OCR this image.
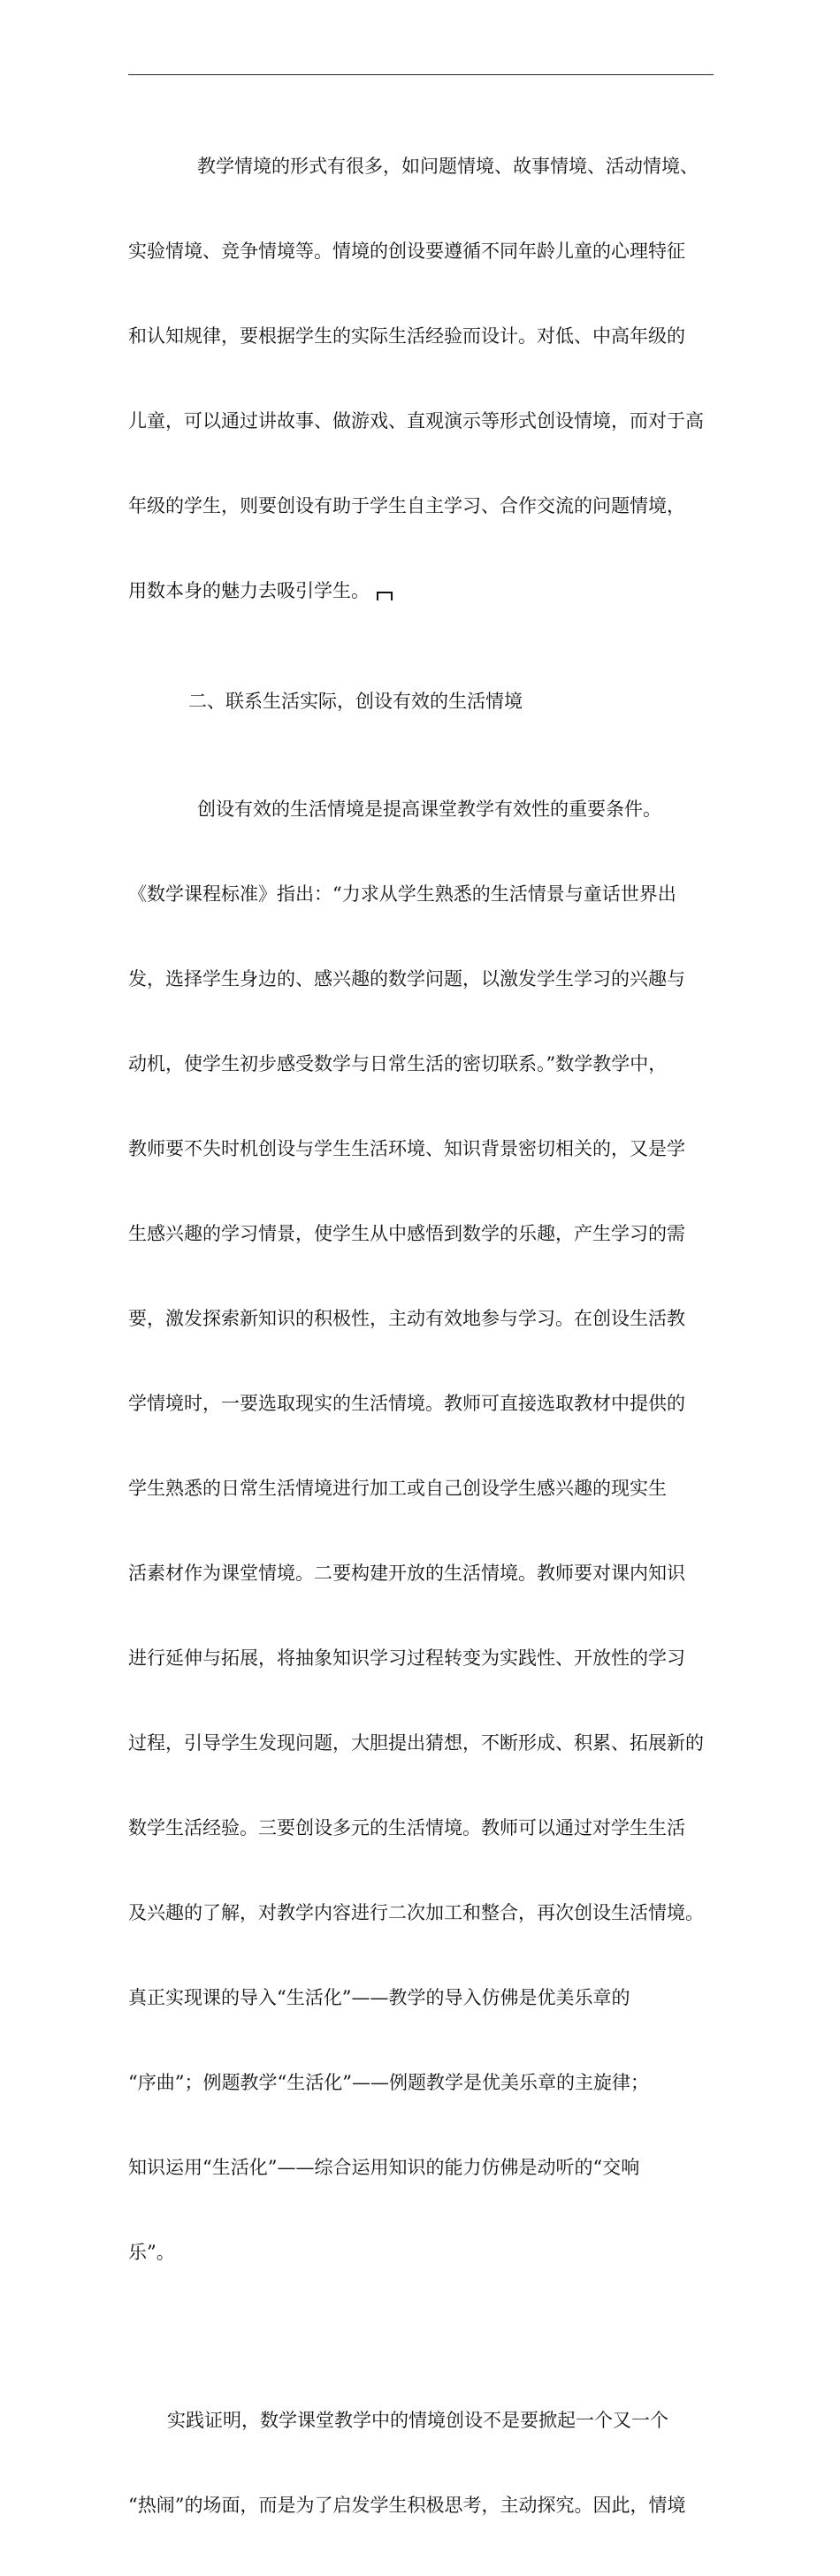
教学情境的形式有很多，如问题情境、故事情境、活动情境、

实验情境、竞争情境等。情境的创设要遵循不同年龄儿童的心理特征

和认知规律，要根据学生的实际生活经验而设计。对低、中高年级的

儿童，可以通过讲故事、做游戏、直观演示等形式创设情境，而对于高

年级的学生，则要创设有助于学生自主学习、合作交流的问题情境，

用数本身的魅力去吸引学生。

二、联系生活实际，创设有效的生活情境

创设有效的生活情境是提高课堂教学有效性的重要条件。

《数学课程标准》指出：“力求从学生熟悉的生活情景与童话世界出

发，选择学生身边的、感兴趣的数学问题，以激发学生学习的兴趣与

动机，使学生初步感受数学与日常生活的密切联系。”数学教学中，

教师要不失时机创设与学生生活环境、知识背景密切相关的，又是学

生感兴趣的学习情景，使学生从中感悟到数学的乐趣，产生学习的需

要，激发探索新知识的积极性，主动有效地参与学习。在创设生活教

学情境时，一要选取现实的生活情境。教师可直接选取教材中提供的

学生熟悉的日常生活情境进行加工或自己创设学生感兴趣的现实生

活素材作为课堂情境。二要构建开放的生活情境。教师要对课内知识

进行延伸与拓展，将抽象知识学习过程转变为实践性、开放性的学习

过程，引导学生发现问题，大胆提出猜想，不断形成、积累、拓展新的

数学生活经验。三要创设多元的生活情境。教师可以通过对学生生活

及兴趣的了解，对教学内容进行二次加工和整合，再次创设生活情境。

真正实现课的导入“生活化”——教学的导入仿佛是优美乐章的

“序曲”；例题教学“生活化”——例题教学是优美乐章的主旋律；

知识运用“生活化”——综合运用知识的能力仿佛是动听的“交响

乐”。

实践证明，数学课堂教学中的情境创设不是要掀起一个又一个

“热闹”的场面，而是为了启发学生积极思考，主动探究。因此，情境
